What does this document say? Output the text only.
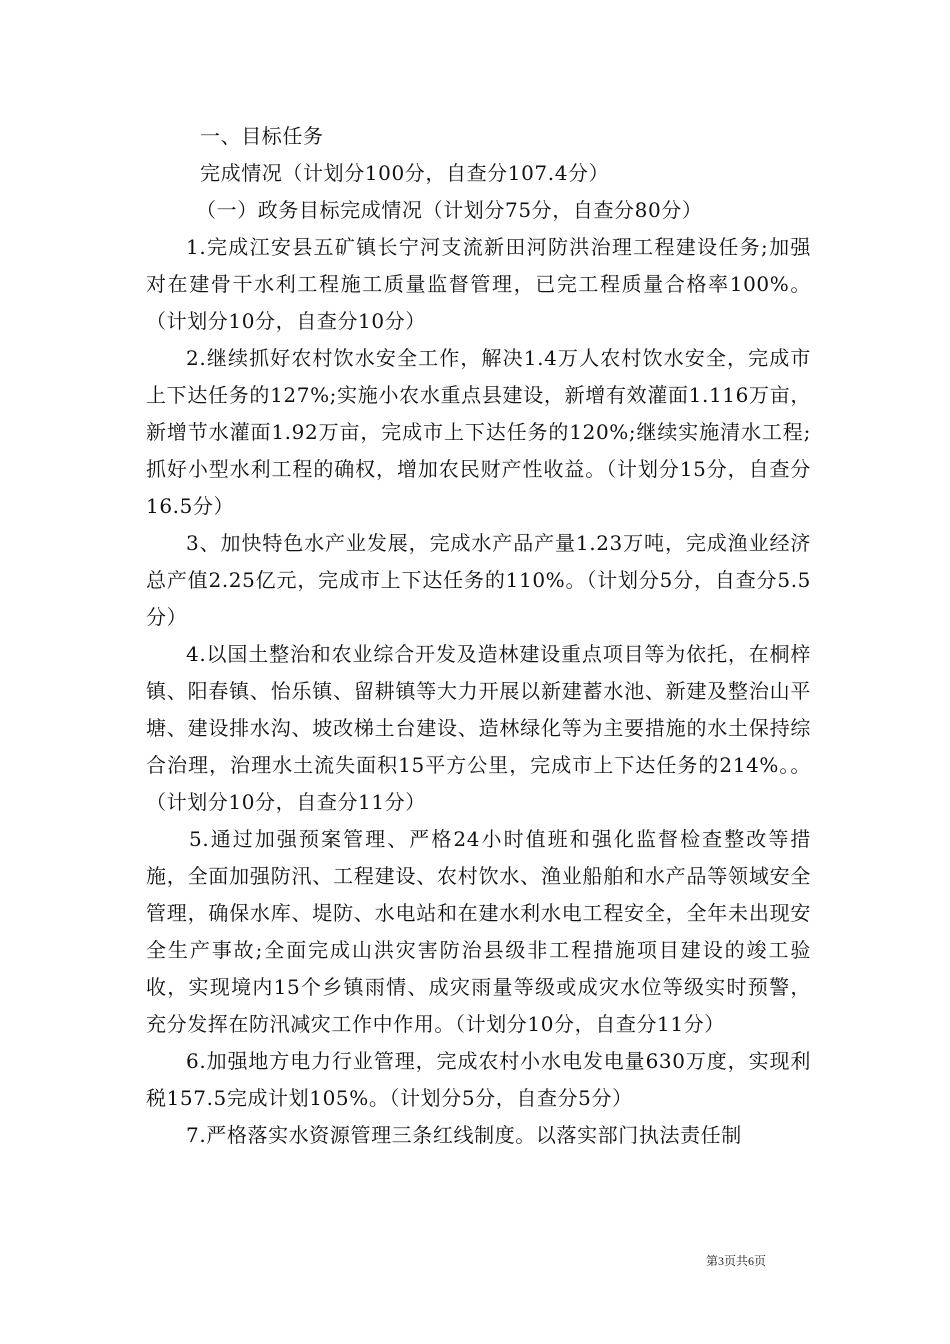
一、目标任务

完成情况（计划分100分，自查分107.4分）

（一）政务目标完成情况（计划分75分，自查分80分）

1.完成江安县五矿镇长宁河支流新田河防洪治理工程建设任务;加强对在建骨干水利工程施工质量监督管理，已完工程质量合格率100%。（计划分10分，自查分10分）

2.继续抓好农村饮水安全工作，解决1.4万人农村饮水安全，完成市上下达任务的127%;实施小农水重点县建设，新增有效灌面1.116万亩，新增节水灌面1.92万亩，完成市上下达任务的120%;继续实施清水工程;抓好小型水利工程的确权，增加农民财产性收益。（计划分15分，自查分16.5分）

3、加快特色水产业发展，完成水产品产量1.23万吨，完成渔业经济总产值2.25亿元，完成市上下达任务的110%。（计划分5分，自查分5.5分）

4.以国土整治和农业综合开发及造林建设重点项目等为依托，在桐梓镇、阳春镇、怡乐镇、留耕镇等大力开展以新建蓄水池、新建及整治山平塘、建设排水沟、坡改梯土台建设、造林绿化等为主要措施的水土保持综合治理，治理水土流失面积15平方公里，完成市上下达任务的214%。。（计划分10分，自查分11分）

5.通过加强预案管理、严格24小时值班和强化监督检查整改等措施，全面加强防汛、工程建设、农村饮水、渔业船舶和水产品等领域安全管理，确保水库、堤防、水电站和在建水利水电工程安全，全年未出现安全生产事故;全面完成山洪灾害防治县级非工程措施项目建设的竣工验收，实现境内15个乡镇雨情、成灾雨量等级或成灾水位等级实时预警，充分发挥在防汛减灾工作中作用。（计划分10分，自查分11分）

6.加强地方电力行业管理，完成农村小水电发电量630万度，实现利税157.5完成计划105%。（计划分5分，自查分5分）

7.严格落实水资源管理三条红线制度。以落实部门执法责任制

第3页共6页
